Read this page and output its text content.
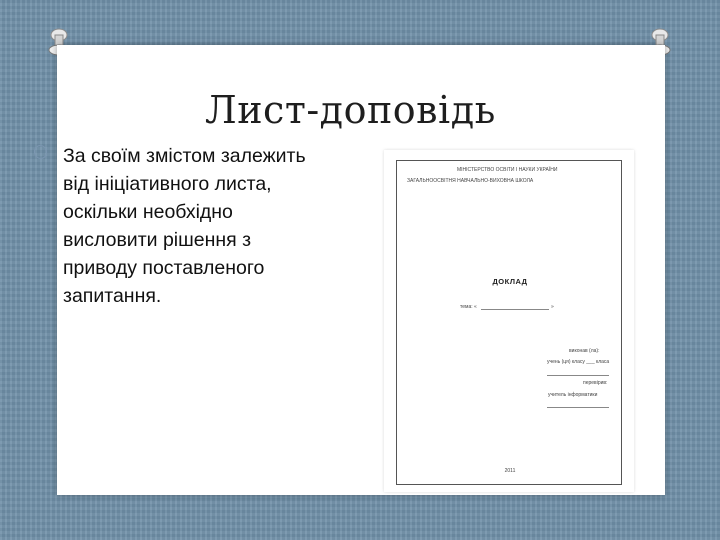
Лист-доповідь

За своїм змістом залежить
від ініціативного листа,
оскільки необхідно
висловити рішення з
приводу поставленого
запитання.

МІНІСТЕРСТВО ОСВІТИ І НАУКИ УКРАЇНИ
ЗАГАЛЬНООСВІТНЯ НАВЧАЛЬНО-ВИХОВНА ШКОЛА
ДОКЛАД
тема: «	»
виконав (ла):
учень (ця) класу ___ класа
перевірив:
учитель інформатики
2011
